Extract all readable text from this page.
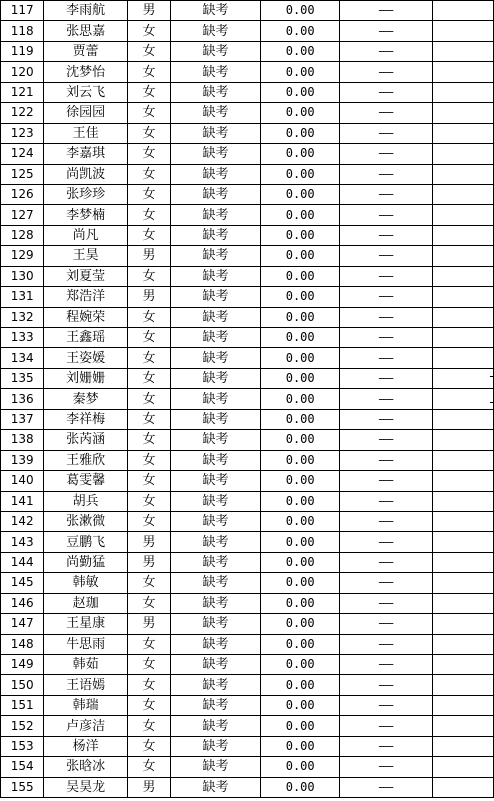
117	李雨航	男	缺考	0.00	——	
118	张思嘉	女	缺考	0.00	——	
119	贾蕾	女	缺考	0.00	——	
120	沈梦怡	女	缺考	0.00	——	
121	刘云飞	女	缺考	0.00	——	
122	徐园园	女	缺考	0.00	——	
123	王佳	女	缺考	0.00	——	
124	李嘉琪	女	缺考	0.00	——	
125	尚凯波	女	缺考	0.00	——	
126	张珍珍	女	缺考	0.00	——	
127	李梦楠	女	缺考	0.00	——	
128	尚凡	女	缺考	0.00	——	
129	王昊	男	缺考	0.00	——	
130	刘夏莹	女	缺考	0.00	——	
131	郑浩洋	男	缺考	0.00	——	
132	程婉荣	女	缺考	0.00	——	
133	王鑫瑶	女	缺考	0.00	——	
134	王姿媛	女	缺考	0.00	——	
135	刘姗姗	女	缺考	0.00	——	
136	秦梦	女	缺考	0.00	——	
137	李祥梅	女	缺考	0.00	——	
138	张芮涵	女	缺考	0.00	——	
139	王雅欣	女	缺考	0.00	——	
140	葛雯馨	女	缺考	0.00	——	
141	胡兵	女	缺考	0.00	——	
142	张漱微	女	缺考	0.00	——	
143	豆鹏飞	男	缺考	0.00	——	
144	尚勤猛	男	缺考	0.00	——	
145	韩敏	女	缺考	0.00	——	
146	赵珈	女	缺考	0.00	——	
147	王星康	男	缺考	0.00	——	
148	牛思雨	女	缺考	0.00	——	
149	韩茹	女	缺考	0.00	——	
150	王语嫣	女	缺考	0.00	——	
151	韩瑞	女	缺考	0.00	——	
152	卢彦洁	女	缺考	0.00	——	
153	杨洋	女	缺考	0.00	——	
154	张晗冰	女	缺考	0.00	——	
155	吴昊龙	男	缺考	0.00	——	
